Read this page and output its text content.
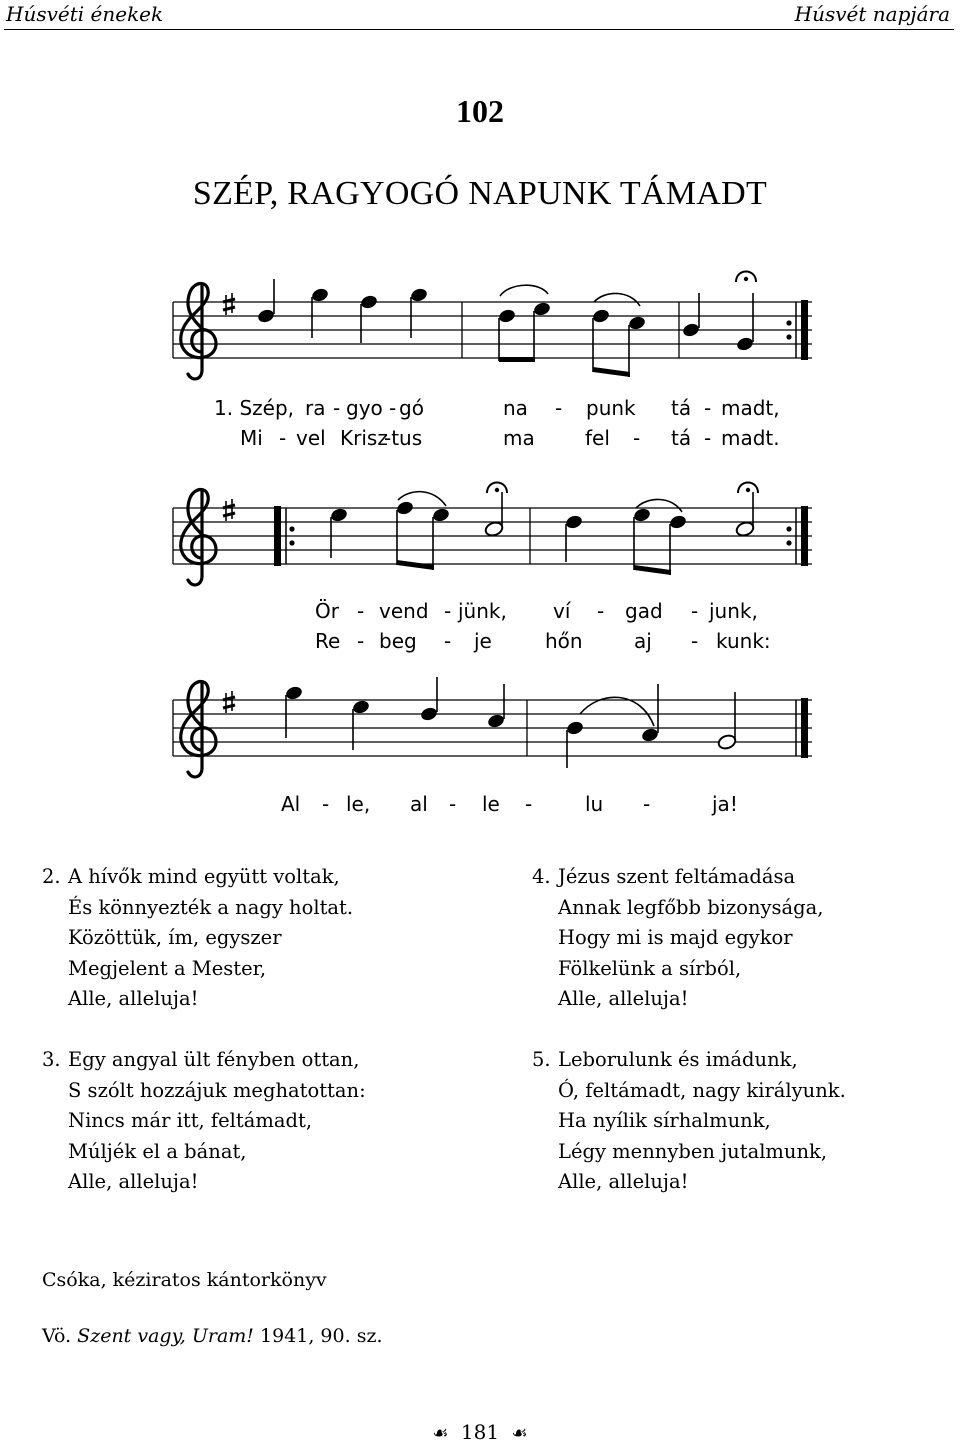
Húsvéti énekek	Húsvét napjára
102
SZÉP, RAGYOGÓ NAPUNK TÁMADT
1. Szép, ra - gyo - gó	na - punk tá - madt,
Mi - vel Krisz
-tus	ma	fel - tá - madt.
Ör - vend - jünk, ví - gad - junk,
Re - beg - je	hőn	aj - kunk:
Al - le, al - le -	lu -	ja!
2. A hívők mind együtt voltak,
És könnyezték a nagy holtat.
Közöttük, ím, egyszer
Megjelent a Mester,
Alle, alleluja!
3. Egy angyal ült fényben ottan,
S szólt hozzájuk meghatottan:
Nincs már itt, feltámadt,
Múljék el a bánat,
Alle, alleluja!
4. Jézus szent feltámadása
Annak legfőbb bizonysága,
Hogy mi is majd egykor
Fölkelünk a sírból,
Alle, alleluja!
5. Leborulunk és imádunk,
Ó, feltámadt, nagy királyunk.
Ha nyílik sírhalmunk,
Légy mennyben jutalmunk,
Alle, alleluja!
Csóka, kéziratos kántorkönyv
Vö. Szent vagy, Uram! 1941, 90. sz.
☙ 181 ☙
